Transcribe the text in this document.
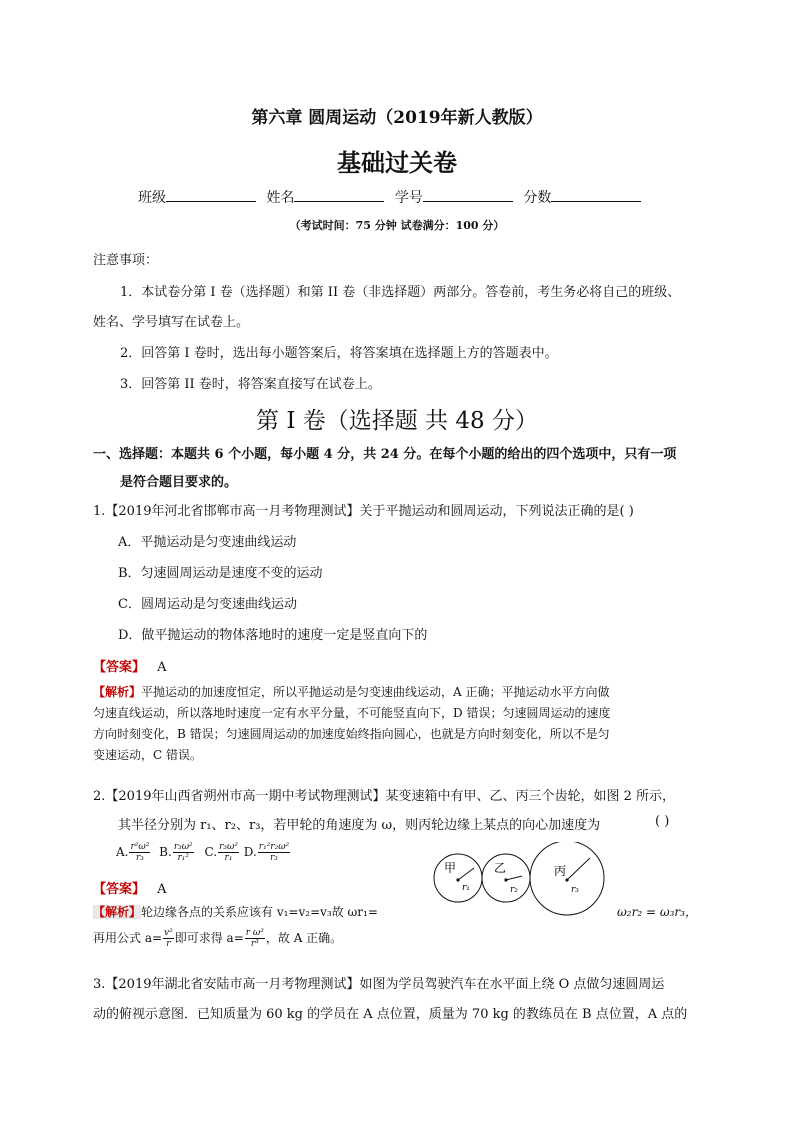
第六章 圆周运动（2019年新人教版）
基础过关卷
班级	姓名	学号	分数
（考试时间：75 分钟 试卷满分：100 分）
注意事项：
1．本试卷分第 I 卷（选择题）和第 II 卷（非选择题）两部分。答卷前，考生务必将自己的班级、
姓名、学号填写在试卷上。
2．回答第 I 卷时，选出每小题答案后，将答案填在选择题上方的答题表中。
3．回答第 II 卷时，将答案直接写在试卷上。
第 I 卷（选择题 共 48 分）
一、选择题：本题共 6 个小题，每小题 4 分，共 24 分。在每个小题的给出的四个选项中，只有一项
是符合题目要求的。
1.【2019年河北省邯郸市高一月考物理测试】关于平抛运动和圆周运动，下列说法正确的是( )
A．平抛运动是匀变速曲线运动
B．匀速圆周运动是速度不变的运动
C．圆周运动是匀变速曲线运动
D．做平抛运动的物体落地时的速度一定是竖直向下的
【答案】 A
【解析】平抛运动的加速度恒定，所以平抛运动是匀变速曲线运动，A 正确；平抛运动水平方向做
匀速直线运动，所以落地时速度一定有水平分量，不可能竖直向下，D 错误；匀速圆周运动的速度
方向时刻变化，B 错误；匀速圆周运动的加速度始终指向圆心，也就是方向时刻变化，所以不是匀
变速运动，C 错误。
2.【2019年山西省朔州市高一期中考试物理测试】某变速箱中有甲、乙、丙三个齿轮，如图 2 所示，
其半径分别为 r₁、r₂、r₃，若甲轮的角速度为 ω，则丙轮边缘上某点的向心加速度为	( )
A. $\frac{\text{r²ω²}}{\text{r₃}} B$. $\frac{\text{r₃ω²}}{\text{r₁²}} C$. $\frac{\text{r₃ω²}}{\text{r₁}} D$. $\frac{\text{r₁²r₂ω²}}{\text{r₃}}$
甲	乙	丙
r₁	r₂	r₃
【答案】 A
【解析】轮边缘各点的关系应该有 v₁=v₂=v₃故 ωr₁=	ω₂r₂ = ω₃r₃，
再用公式 $a= \frac{\text{v²}}{r}$ 即可求得 $a= \frac{\text{r ω²}}{\text{r³}}$ ，故 A 正确。
3.【2019年湖北省安陆市高一月考物理测试】如图为学员驾驶汽车在水平面上绕 O 点做匀速圆周运
动的俯视示意图．已知质量为 60 kg 的学员在 A 点位置，质量为 70 kg 的教练员在 B 点位置，A 点的
